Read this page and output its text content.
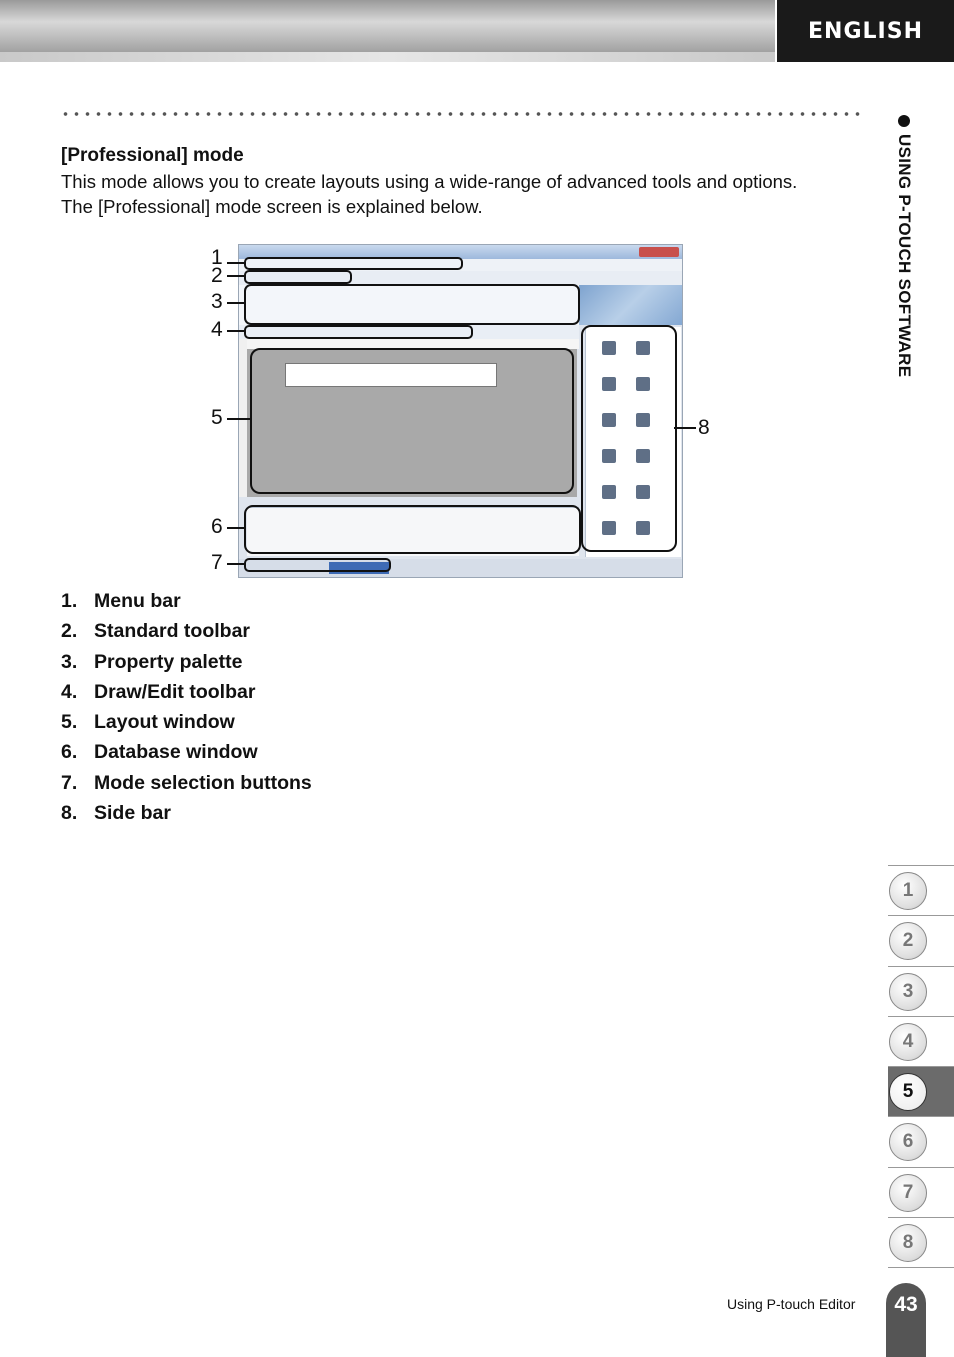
ENGLISH
USING P-TOUCH SOFTWARE
[Professional] mode

This mode allows you to create layouts using a wide-range of advanced tools and options.

The [Professional] mode screen is explained below.

1
2
3
4
5
6
7
8
1. Menu bar
2. Standard toolbar
3. Property palette
4. Draw/Edit toolbar
5. Layout window
6. Database window
7. Mode selection buttons
8. Side bar
1
2
3
4
5
6
7
8
Using P-touch Editor	43
